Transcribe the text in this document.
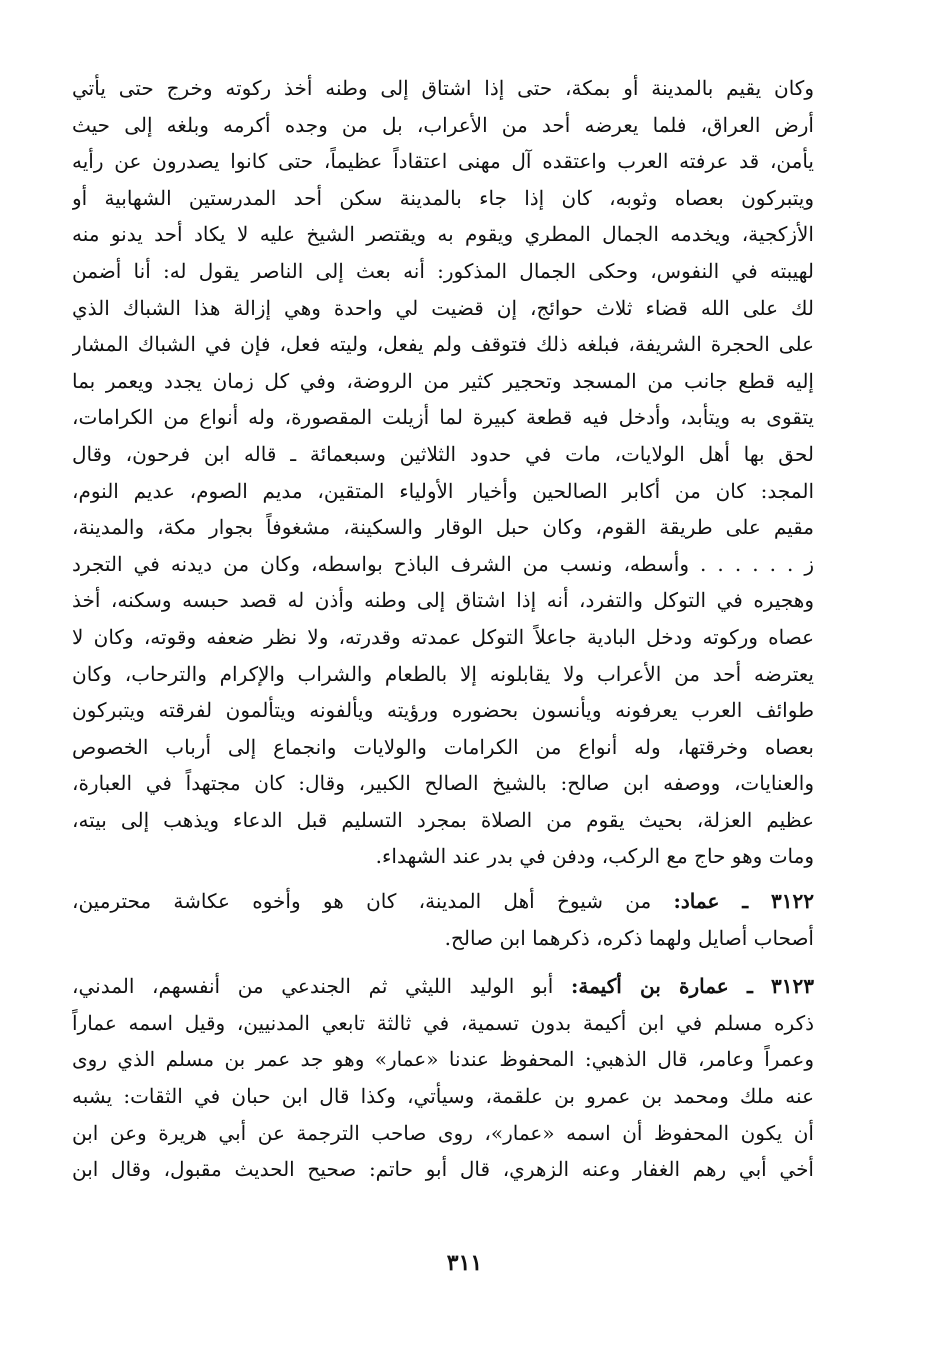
وكان يقيم بالمدينة أو بمكة، حتى إذا اشتاق إلى وطنه أخذ ركوته وخرج حتى يأتي
أرض العراق، فلما يعرضه أحد من الأعراب، بل من وجده أكرمه وبلغه إلى حيث
يأمن، قد عرفته العرب واعتقده آل مهنى اعتقاداً عظيماً، حتى كانوا يصدرون عن رأيه
ويتبركون بعصاه وثوبه، كان إذا جاء بالمدينة سكن أحد المدرستين الشهابية أو
الأزكجية، ويخدمه الجمال المطري ويقوم به ويقتصر الشيخ عليه لا يكاد أحد يدنو منه
لهيبته في النفوس، وحكى الجمال المذكور: أنه بعث إلى الناصر يقول له: أنا أضمن
لك على الله قضاء ثلاث حوائج، إن قضيت لي واحدة وهي إزالة هذا الشباك الذي
على الحجرة الشريفة، فبلغه ذلك فتوقف ولم يفعل، وليته فعل، فإن في الشباك المشار
إليه قطع جانب من المسجد وتحجير كثير من الروضة، وفي كل زمان يجدد ويعمر بما
يتقوى به ويتأبد، وأدخل فيه قطعة كبيرة لما أزيلت المقصورة، وله أنواع من الكرامات،
لحق بها أهل الولايات، مات في حدود الثلاثين وسبعمائة ـ قاله ابن فرحون، وقال
المجد: كان من أكابر الصالحين وأخيار الأولياء المتقين، مديم الصوم، عديم النوم،
مقيم على طريقة القوم، وكان حبل الوقار والسكينة، مشغوفاً بجوار مكة، والمدينة،
ز . . . . . . وأسطه، ونسب من الشرف الباذح بواسطه، وكان من ديدنه في التجرد
وهجيره في التوكل والتفرد، أنه إذا اشتاق إلى وطنه وأذن له قصد حبسه وسكنه، أخذ
عصاه وركوته ودخل البادية جاعلاً التوكل عمدته وقدرته، ولا نظر ضعفه وقوته، وكان لا
يعترضه أحد من الأعراب ولا يقابلونه إلا بالطعام والشراب والإكرام والترحاب، وكان
طوائف العرب يعرفونه ويأنسون بحضوره ورؤيته ويألفونه ويتألمون لفرقته ويتبركون
بعصاه وخرقتها، وله أنواع من الكرامات والولايات وانجماع إلى أرباب الخصوص
والعنايات، ووصفه ابن صالح: بالشيخ الصالح الكبير، وقال: كان مجتهداً في العبارة،
عظيم العزلة، بحيث يقوم من الصلاة بمجرد التسليم قبل الدعاء ويذهب إلى بيته،
ومات وهو حاج مع الركب، ودفن في بدر عند الشهداء.
٣١٢٢ ـ عماد: من شيوخ أهل المدينة، كان هو وأخوه عكاشة محترمين،
أصحاب أصايل ولهما ذكره، ذكرهما ابن صالح.
٣١٢٣ ـ عمارة بن أكيمة: أبو الوليد الليثي ثم الجندعي من أنفسهم، المدني،
ذكره مسلم في ابن أكيمة بدون تسمية، في ثالثة تابعي المدنيين، وقيل اسمه عماراً
وعمراً وعامر، قال الذهبي: المحفوظ عندنا «عمار» وهو جد عمر بن مسلم الذي روى
عنه ملك ومحمد بن عمرو بن علقمة، وسيأتي، وكذا قال ابن حبان في الثقات: يشبه
أن يكون المحفوظ أن اسمه «عمار»، روى صاحب الترجمة عن أبي هريرة وعن ابن
أخي أبي رهم الغفار وعنه الزهري، قال أبو حاتم: صحيح الحديث مقبول، وقال ابن
٣١١
